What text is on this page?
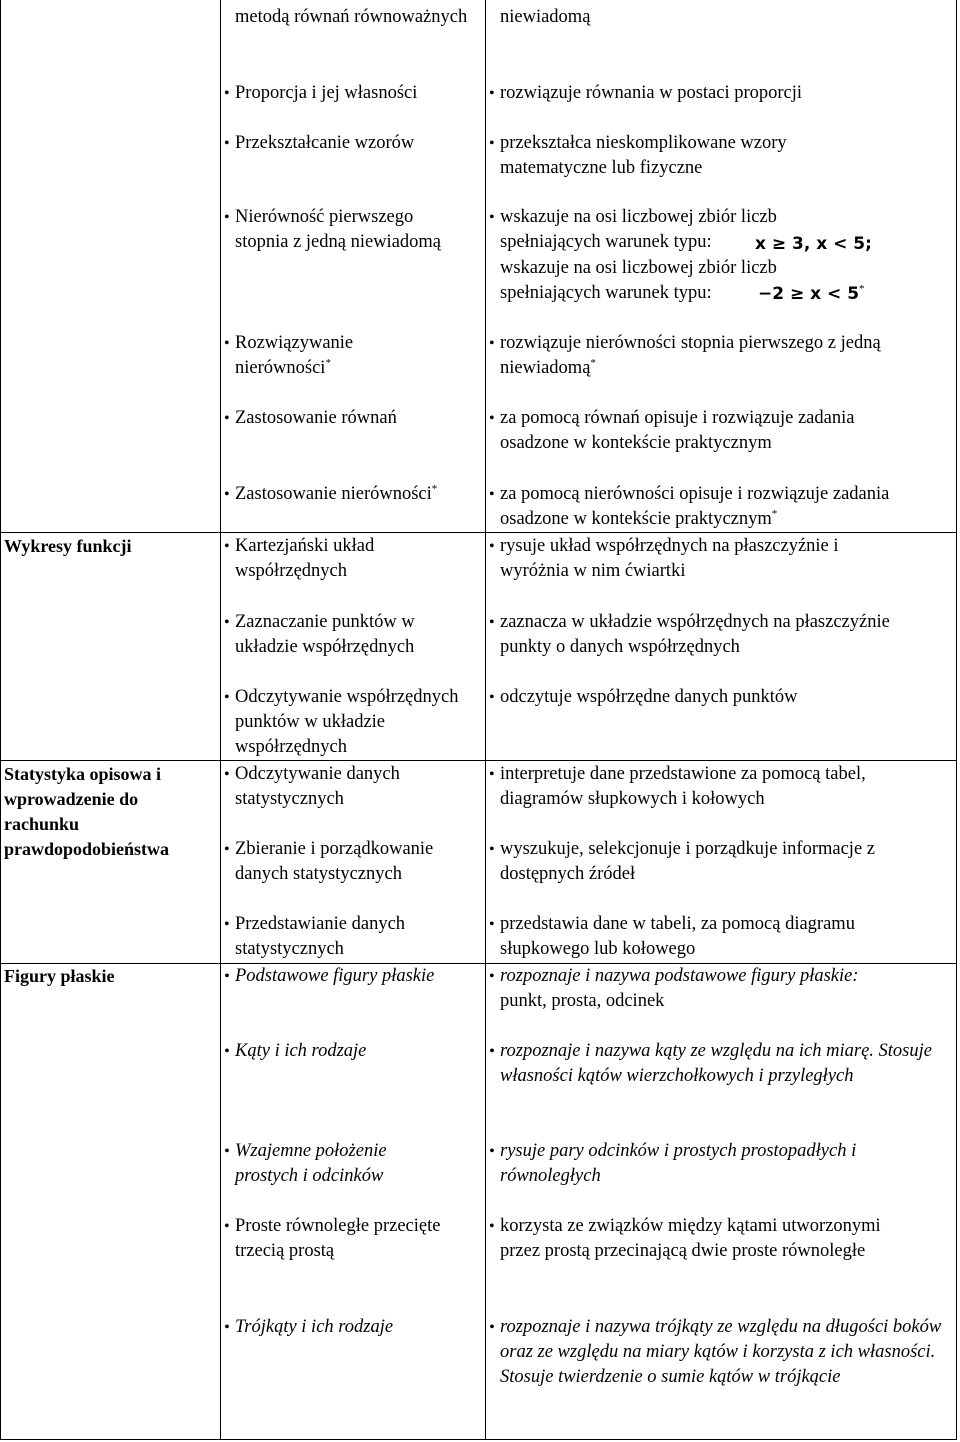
Wykresy funkcji
Statystyka opisowa i wprowadzenie do rachunku prawdopodobieństwa
Figury płaskie
metodą równań równoważnych
• Proporcja i jej własności
• Przekształcanie wzorów
• Nierówność pierwszego stopnia z jedną niewiadomą
• Rozwiązywanie nierówności*
• Zastosowanie równań
• Zastosowanie nierówności*
• Kartezjański układ współrzędnych
• Zaznaczanie punktów w układzie współrzędnych
• Odczytywanie współrzędnych punktów w układzie współrzędnych
• Odczytywanie danych statystycznych
• Zbieranie i porządkowanie danych statystycznych
• Przedstawianie danych statystycznych
• Podstawowe figury płaskie
• Kąty i ich rodzaje
• Wzajemne położenie prostych i odcinków
• Proste równoległe przecięte trzecią prostą
• Trójkąty i ich rodzaje
niewiadomą
• rozwiązuje równania w postaci proporcji
• przekształca nieskomplikowane wzory matematyczne lub fizyczne
• wskazuje na osi liczbowej zbiór liczb spełniających warunek typu:	x ≥ 3, x < 5;
wskazuje na osi liczbowej zbiór liczb spełniających warunek typu:	−2 ≥ x < 5*
• rozwiązuje nierówności stopnia pierwszego z jedną niewiadomą*
• za pomocą równań opisuje i rozwiązuje zadania osadzone w kontekście praktycznym
• za pomocą nierówności opisuje i rozwiązuje zadania osadzone w kontekście praktycznym*
• rysuje układ współrzędnych na płaszczyźnie i wyróżnia w nim ćwiartki
• zaznacza w układzie współrzędnych na płaszczyźnie punkty o danych współrzędnych
• odczytuje współrzędne danych punktów
• interpretuje dane przedstawione za pomocą tabel, diagramów słupkowych i kołowych
• wyszukuje, selekcjonuje i porządkuje informacje z dostępnych źródeł
• przedstawia dane w tabeli, za pomocą diagramu słupkowego lub kołowego
• rozpoznaje i nazywa podstawowe figury płaskie:
punkt, prosta, odcinek
• rozpoznaje i nazywa kąty ze względu na ich miarę. Stosuje własności kątów wierzchołkowych i przyległych
• rysuje pary odcinków i prostych prostopadłych i równoległych
• korzysta ze związków między kątami utworzonymi przez prostą przecinającą dwie proste równoległe
• rozpoznaje i nazywa trójkąty ze względu na długości boków oraz ze względu na miary kątów i korzysta z ich własności. Stosuje twierdzenie o sumie kątów w trójkącie
